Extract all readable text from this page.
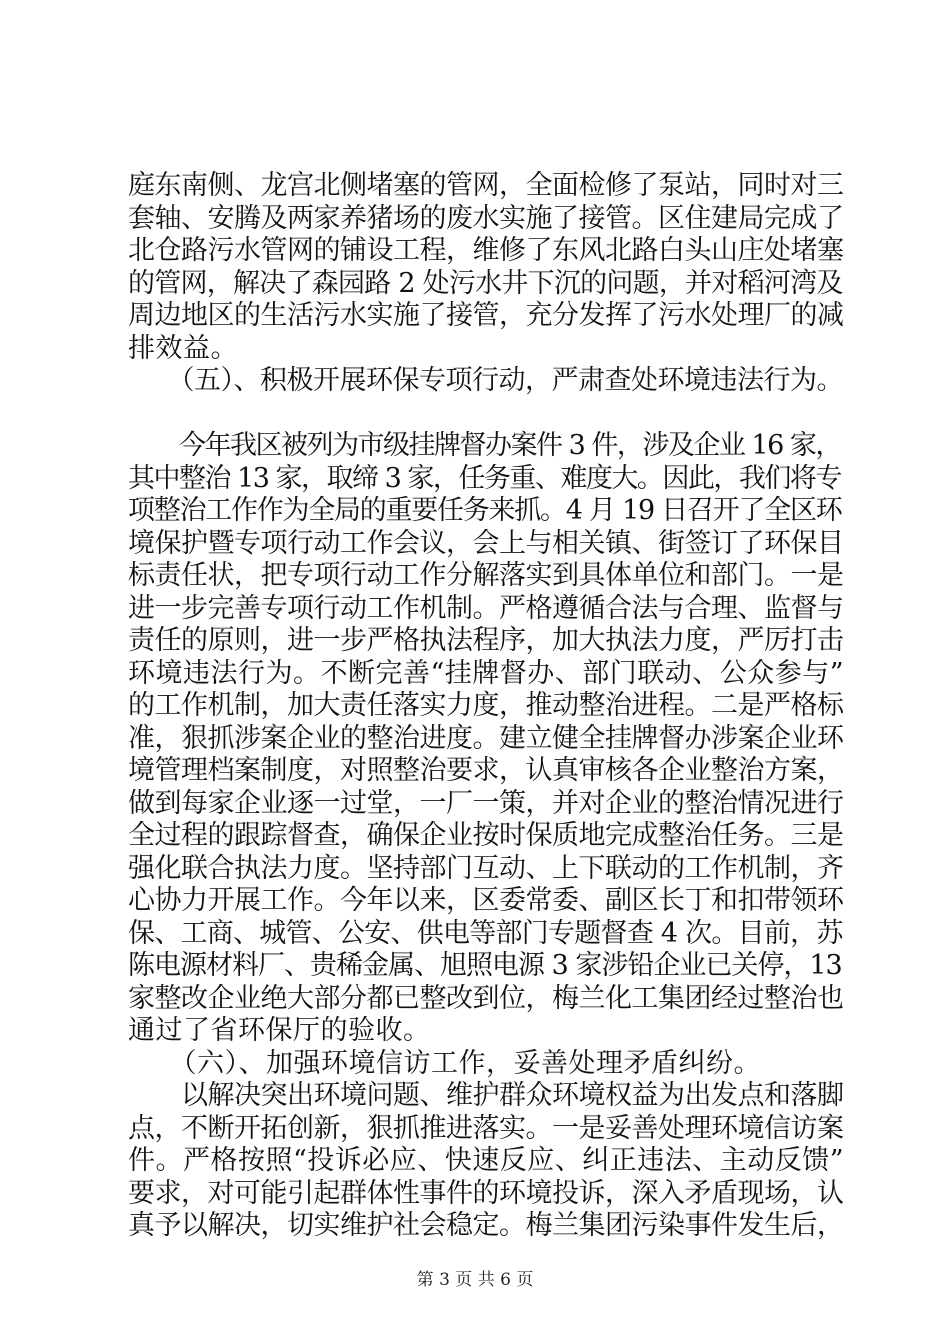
庭东南侧、龙宫北侧堵塞的管网，全面检修了泵站，同时对三
套轴、安腾及两家养猪场的废水实施了接管。区住建局完成了
北仓路污水管网的铺设工程，维修了东风北路白头山庄处堵塞
的管网，解决了森园路 2 处污水井下沉的问题，并对稻河湾及
周边地区的生活污水实施了接管，充分发挥了污水处理厂的减
排效益。
　　（五）、积极开展环保专项行动，严肃查处环境违法行为。
　　今年我区被列为市级挂牌督办案件 3 件，涉及企业 16 家，
其中整治 13 家，取缔 3 家，任务重、难度大。因此，我们将专
项整治工作作为全局的重要任务来抓。4 月 19 日召开了全区环
境保护暨专项行动工作会议，会上与相关镇、街签订了环保目
标责任状，把专项行动工作分解落实到具体单位和部门。一是
进一步完善专项行动工作机制。严格遵循合法与合理、监督与
责任的原则，进一步严格执法程序，加大执法力度，严厉打击
环境违法行为。不断完善“挂牌督办、部门联动、公众参与”
的工作机制，加大责任落实力度，推动整治进程。二是严格标
准，狠抓涉案企业的整治进度。建立健全挂牌督办涉案企业环
境管理档案制度，对照整治要求，认真审核各企业整治方案，
做到每家企业逐一过堂，一厂一策，并对企业的整治情况进行
全过程的跟踪督查，确保企业按时保质地完成整治任务。三是
强化联合执法力度。坚持部门互动、上下联动的工作机制，齐
心协力开展工作。今年以来，区委常委、副区长丁和扣带领环
保、工商、城管、公安、供电等部门专题督查 4 次。目前，苏
陈电源材料厂、贵稀金属、旭照电源 3 家涉铅企业已关停，13
家整改企业绝大部分都已整改到位，梅兰化工集团经过整治也
通过了省环保厅的验收。
　　（六）、加强环境信访工作，妥善处理矛盾纠纷。
　　以解决突出环境问题、维护群众环境权益为出发点和落脚
点，不断开拓创新，狠抓推进落实。一是妥善处理环境信访案
件。严格按照“投诉必应、快速反应、纠正违法、主动反馈”
要求，对可能引起群体性事件的环境投诉，深入矛盾现场，认
真予以解决，切实维护社会稳定。梅兰集团污染事件发生后，
第 3 页 共 6 页
